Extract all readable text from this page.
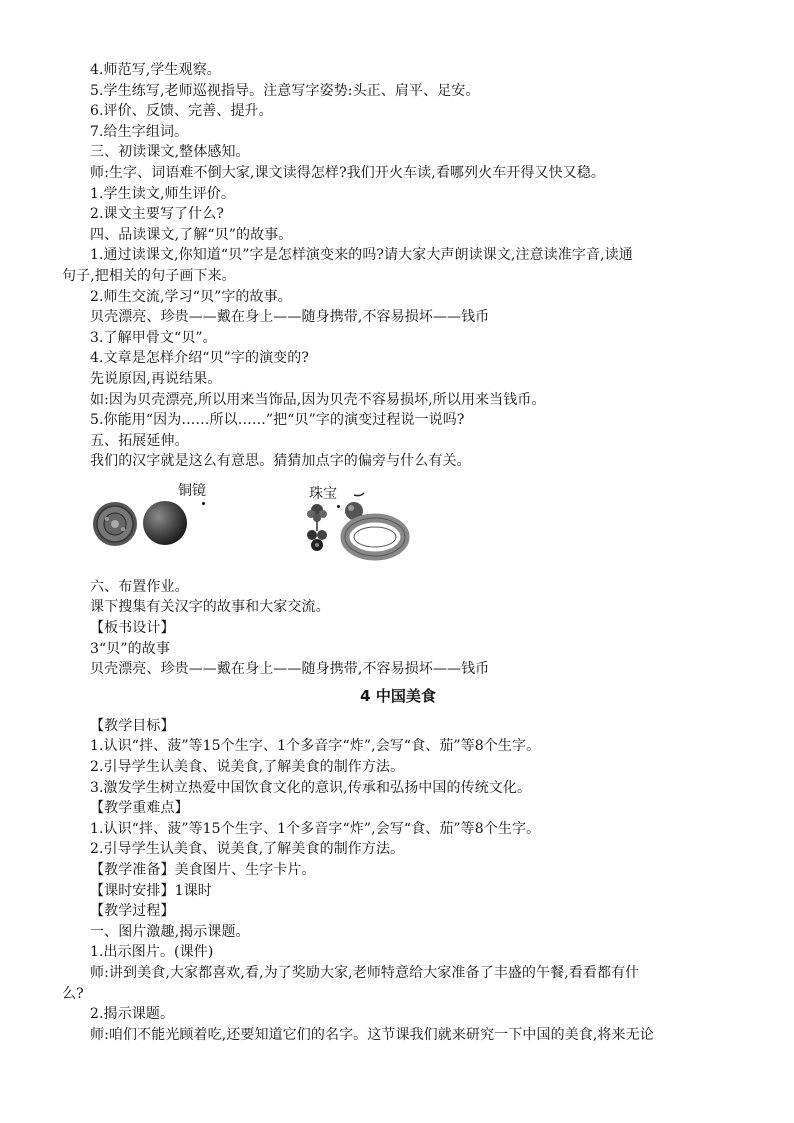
4.师范写,学生观察。

5.学生练写,老师巡视指导。注意写字姿势:头正、肩平、足安。

6.评价、反馈、完善、提升。

7.给生字组词。

三、初读课文,整体感知。

师:生字、词语难不倒大家,课文读得怎样?我们开火车读,看哪列火车开得又快又稳。

1.学生读文,师生评价。

2.课文主要写了什么?

四、品读课文,了解“贝”的故事。

1.通过读课文,你知道“贝”字是怎样演变来的吗?请大家大声朗读课文,注意读准字音,读通

句子,把相关的句子画下来。

2.师生交流,学习“贝”字的故事。

贝壳漂亮、珍贵——戴在身上——随身携带,不容易损坏——钱币

3.了解甲骨文“贝”。

4.文章是怎样介绍“贝”字的演变的?

先说原因,再说结果。

如:因为贝壳漂亮,所以用来当饰品,因为贝壳不容易损坏,所以用来当钱币。

5.你能用“因为……所以……”把“贝”字的演变过程说一说吗?

五、拓展延伸。

我们的汉字就是这么有意思。猜猜加点字的偏旁与什么有关。

铜镜	珠宝

六、布置作业。

课下搜集有关汉字的故事和大家交流。

【板书设计】

3“贝”的故事

贝壳漂亮、珍贵——戴在身上——随身携带,不容易损坏——钱币

4 中国美食

【教学目标】

1.认识“拌、菠”等15个生字、1个多音字“炸”,会写“食、茄”等8个生字。

2.引导学生认美食、说美食,了解美食的制作方法。

3.激发学生树立热爱中国饮食文化的意识,传承和弘扬中国的传统文化。

【教学重难点】

1.认识“拌、菠”等15个生字、1个多音字“炸”,会写“食、茄”等8个生字。

2.引导学生认美食、说美食,了解美食的制作方法。

【教学准备】美食图片、生字卡片。

【课时安排】1课时

【教学过程】

一、图片激趣,揭示课题。

1.出示图片。(课件)

师:讲到美食,大家都喜欢,看,为了奖励大家,老师特意给大家准备了丰盛的午餐,看看都有什

么?

2.揭示课题。

师:咱们不能光顾着吃,还要知道它们的名字。这节课我们就来研究一下中国的美食,将来无论
